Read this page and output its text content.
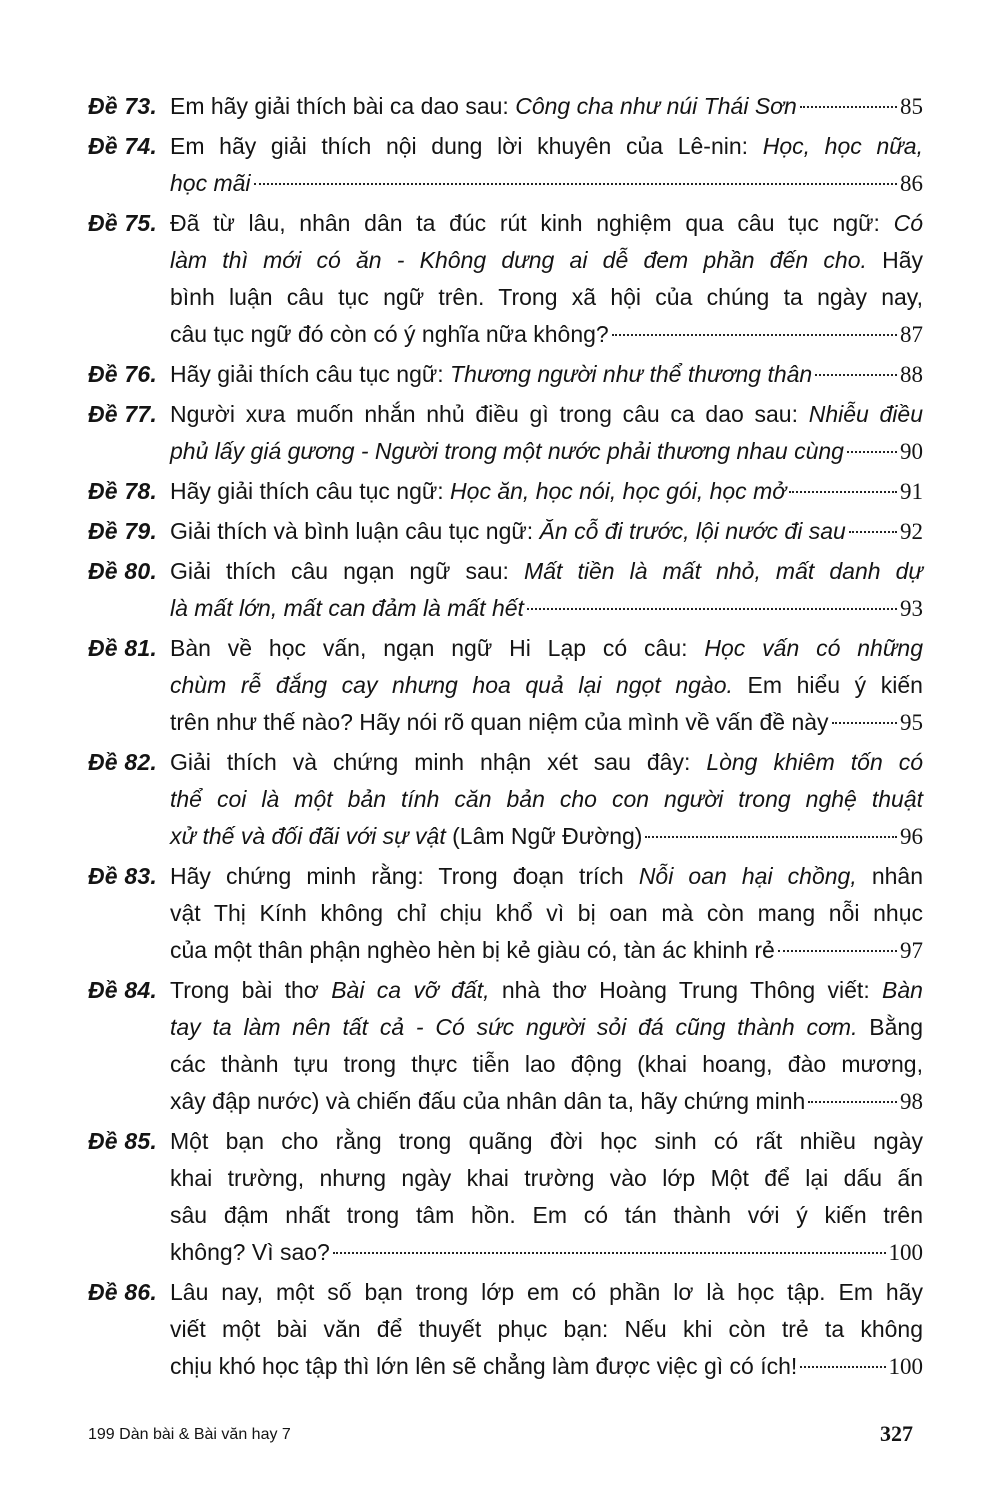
Đề 73. Em hãy giải thích bài ca dao sau: Công cha như núi Thái Sơn	85
Đề 74. Em hãy giải thích nội dung lời khuyên của Lê-nin: Học, học nữa,
học mãi	86
Đề 75. Đã từ lâu, nhân dân ta đúc rút kinh nghiệm qua câu tục ngữ: Có
làm thì mới có ăn - Không dưng ai dễ đem phần đến cho. Hãy
bình luận câu tục ngữ trên. Trong xã hội của chúng ta ngày nay,
câu tục ngữ đó còn có ý nghĩa nữa không?	87
Đề 76. Hãy giải thích câu tục ngữ: Thương người như thể thương thân	88
Đề 77. Người xưa muốn nhắn nhủ điều gì trong câu ca dao sau: Nhiễu điều
phủ lấy giá gương - Người trong một nước phải thương nhau cùng 90
Đề 78. Hãy giải thích câu tục ngữ: Học ăn, học nói, học gói, học mở	91
Đề 79. Giải thích và bình luận câu tục ngữ: Ăn cỗ đi trước, lội nước đi sau 92
Đề 80. Giải thích câu ngạn ngữ sau: Mất tiền là mất nhỏ, mất danh dự
là mất lớn, mất can đảm là mất hết	93
Đề 81. Bàn về học vấn, ngạn ngữ Hi Lạp có câu: Học vấn có những
chùm rễ đắng cay nhưng hoa quả lại ngọt ngào. Em hiểu ý kiến
trên như thế nào? Hãy nói rõ quan niệm của mình về vấn đề này	95
Đề 82. Giải thích và chứng minh nhận xét sau đây: Lòng khiêm tốn có
thể coi là một bản tính căn bản cho con người trong nghệ thuật
xử thế và đối đãi với sự vật (Lâm Ngữ Đường)	96
Đề 83. Hãy chứng minh rằng: Trong đoạn trích Nỗi oan hại chồng, nhân
vật Thị Kính không chỉ chịu khổ vì bị oan mà còn mang nỗi nhục
của một thân phận nghèo hèn bị kẻ giàu có, tàn ác khinh rẻ	97
Đề 84. Trong bài thơ Bài ca vỡ đất, nhà thơ Hoàng Trung Thông viết: Bàn
tay ta làm nên tất cả - Có sức người sỏi đá cũng thành cơm. Bằng
các thành tựu trong thực tiễn lao động (khai hoang, đào mương,
xây đập nước) và chiến đấu của nhân dân ta, hãy chứng minh	98
Đề 85. Một bạn cho rằng trong quãng đời học sinh có rất nhiều ngày
khai trường, nhưng ngày khai trường vào lớp Một để lại dấu ấn
sâu đậm nhất trong tâm hồn. Em có tán thành với ý kiến trên
không? Vì sao?	100
Đề 86. Lâu nay, một số bạn trong lớp em có phần lơ là học tập. Em hãy
viết một bài văn để thuyết phục bạn: Nếu khi còn trẻ ta không
chịu khó học tập thì lớn lên sẽ chẳng làm được việc gì có ích!	100
199 Dàn bài & Bài văn hay 7	327
